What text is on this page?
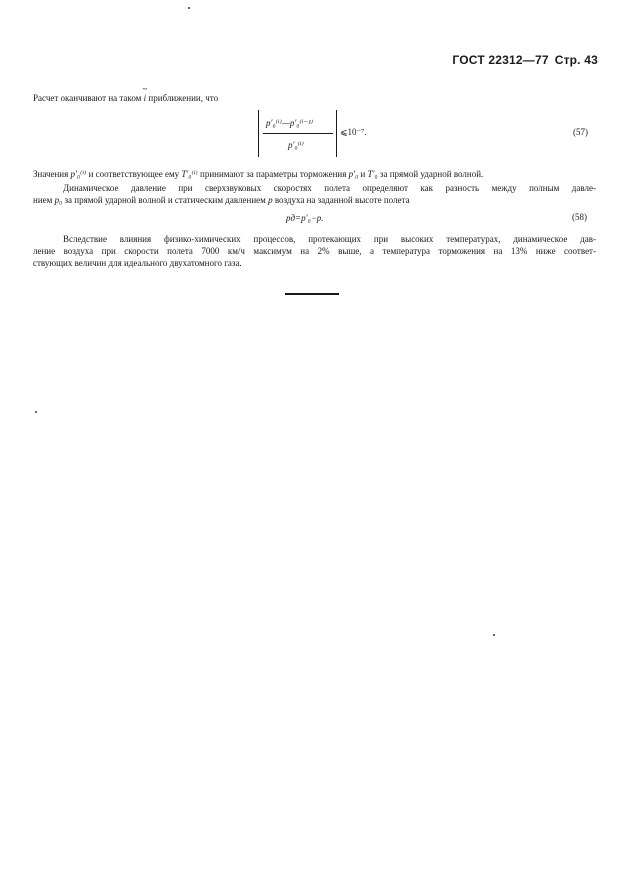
ГОСТ 22312—77 Стр. 43
Расчет оканчивают на таком
~
i приближении, что
p′₀⁽ⁱ⁾—p′₀⁽ⁱ⁻¹⁾
p′₀⁽ⁱ⁾
⩽10⁻⁷.	(57)
Значения p′₀⁽ⁱ⁾ и соответствующее ему T′₀⁽ⁱ⁾ принимают за параметры торможения p′₀ и T′₀ за прямой ударной волной.
Динамическое давление при сверхзвуковых скоростях полета определяют как разность между полным давле-
нием p₀ за прямой ударной волной и статическим давлением p воздуха на заданной высоте полета
pд=p′₀−p.	(58)
Вследствие влияния физико-химических процессов, протекающих при высоких температурах, динамическое дав-
ление воздуха при скорости полета 7000 км/ч максимум на 2% выше, а температура торможения на 13% ниже соответ-
ствующих величин для идеального двухатомного газа.
